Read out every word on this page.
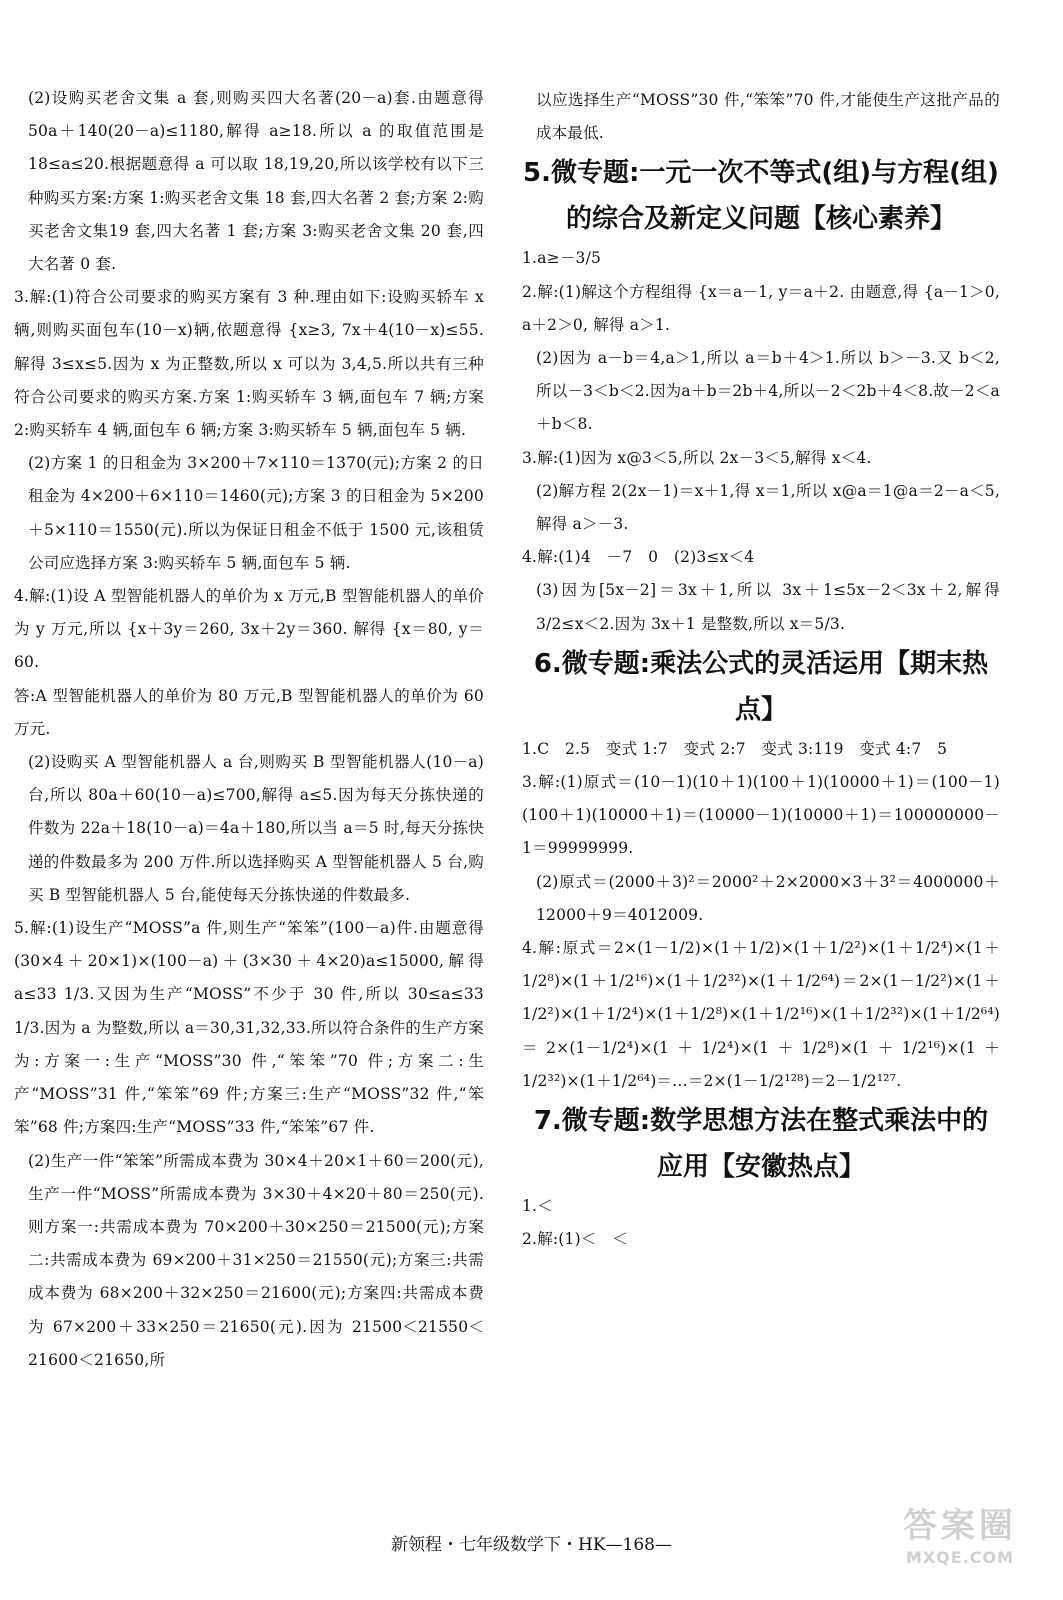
(2)设购买老舍文集 a 套,则购买四大名著(20－a)套.由题意得 50a＋140(20－a)≤1180,解得 a≥18.所以 a 的取值范围是 18≤a≤20.根据题意得 a 可以取 18,19,20,所以该学校有以下三种购买方案:方案 1:购买老舍文集 18 套,四大名著 2 套;方案 2:购买老舍文集19 套,四大名著 1 套;方案 3:购买老舍文集 20 套,四大名著 0 套.

3.解:(1)符合公司要求的购买方案有 3 种.理由如下:设购买轿车 x 辆,则购买面包车(10－x)辆,依题意得 {x≥3, 7x＋4(10－x)≤55. 解得 3≤x≤5.因为 x 为正整数,所以 x 可以为 3,4,5.所以共有三种符合公司要求的购买方案.方案 1:购买轿车 3 辆,面包车 7 辆;方案 2:购买轿车 4 辆,面包车 6 辆;方案 3:购买轿车 5 辆,面包车 5 辆.

(2)方案 1 的日租金为 3×200＋7×110＝1370(元);方案 2 的日租金为 4×200＋6×110＝1460(元);方案 3 的日租金为 5×200＋5×110＝1550(元).所以为保证日租金不低于 1500 元,该租赁公司应选择方案 3:购买轿车 5 辆,面包车 5 辆.

4.解:(1)设 A 型智能机器人的单价为 x 万元,B 型智能机器人的单价为 y 万元,所以 {x＋3y＝260, 3x＋2y＝360. 解得 {x＝80, y＝60.

答:A 型智能机器人的单价为 80 万元,B 型智能机器人的单价为 60 万元.

(2)设购买 A 型智能机器人 a 台,则购买 B 型智能机器人(10－a)台,所以 80a＋60(10－a)≤700,解得 a≤5.因为每天分拣快递的件数为 22a＋18(10－a)＝4a＋180,所以当 a＝5 时,每天分拣快递的件数最多为 200 万件.所以选择购买 A 型智能机器人 5 台,购买 B 型智能机器人 5 台,能使每天分拣快递的件数最多.

5.解:(1)设生产“MOSS”a 件,则生产“笨笨”(100－a)件.由题意得(30×4＋20×1)×(100－a)＋(3×30＋4×20)a≤15000,解得 a≤33 1/3.又因为生产“MOSS”不少于 30 件,所以 30≤a≤33 1/3.因为 a 为整数,所以 a＝30,31,32,33.所以符合条件的生产方案为:方案一:生产“MOSS”30 件,“笨笨”70 件;方案二:生产“MOSS”31 件,“笨笨”69 件;方案三:生产“MOSS”32 件,“笨笨”68 件;方案四:生产“MOSS”33 件,“笨笨”67 件.

(2)生产一件“笨笨”所需成本费为 30×4＋20×1＋60＝200(元),生产一件“MOSS”所需成本费为 3×30＋4×20＋80＝250(元).则方案一:共需成本费为 70×200＋30×250＝21500(元);方案二:共需成本费为 69×200＋31×250＝21550(元);方案三:共需成本费为 68×200＋32×250＝21600(元);方案四:共需成本费为 67×200＋33×250＝21650(元).因为 21500＜21550＜21600＜21650,所

以应选择生产“MOSS”30 件,“笨笨”70 件,才能使生产这批产品的成本最低.

5.微专题:一元一次不等式(组)与方程(组)的综合及新定义问题【核心素养】

1.a≥－3/5

2.解:(1)解这个方程组得 {x＝a－1, y＝a＋2. 由题意,得 {a－1＞0, a＋2＞0, 解得 a＞1.

(2)因为 a－b＝4,a＞1,所以 a＝b＋4＞1.所以 b＞－3.又 b＜2,所以－3＜b＜2.因为a＋b＝2b＋4,所以－2＜2b＋4＜8.故－2＜a＋b＜8.

3.解:(1)因为 x@3＜5,所以 2x－3＜5,解得 x＜4.

(2)解方程 2(2x－1)＝x＋1,得 x＝1,所以 x@a＝1@a＝2－a＜5,解得 a＞－3.

4.解:(1)4　－7　0　(2)3≤x＜4

(3)因为[5x－2]＝3x＋1,所以 3x＋1≤5x－2＜3x＋2,解得 3/2≤x＜2.因为 3x＋1 是整数,所以 x＝5/3.

6.微专题:乘法公式的灵活运用【期末热点】

1.C　2.5　变式 1:7　变式 2:7　变式 3:119　变式 4:7　5

3.解:(1)原式＝(10－1)(10＋1)(100＋1)(10000＋1)＝(100－1)(100＋1)(10000＋1)＝(10000－1)(10000＋1)＝100000000－1＝99999999.

(2)原式＝(2000＋3)²＝2000²＋2×2000×3＋3²＝4000000＋12000＋9＝4012009.

4.解:原式＝2×(1－1/2)×(1＋1/2)×(1＋1/2²)×(1＋1/2⁴)×(1＋1/2⁸)×(1＋1/2¹⁶)×(1＋1/2³²)×(1＋1/2⁶⁴)＝2×(1－1/2²)×(1＋1/2²)×(1＋1/2⁴)×(1＋1/2⁸)×(1＋1/2¹⁶)×(1＋1/2³²)×(1＋1/2⁶⁴)＝2×(1－1/2⁴)×(1＋1/2⁴)×(1＋1/2⁸)×(1＋1/2¹⁶)×(1＋1/2³²)×(1＋1/2⁶⁴)＝…＝2×(1－1/2¹²⁸)＝2－1/2¹²⁷.

7.微专题:数学思想方法在整式乘法中的应用【安徽热点】

1.＜

2.解:(1)＜　＜

新领程・七年级数学下・HK—168—	答案圈
MXQE.COM
